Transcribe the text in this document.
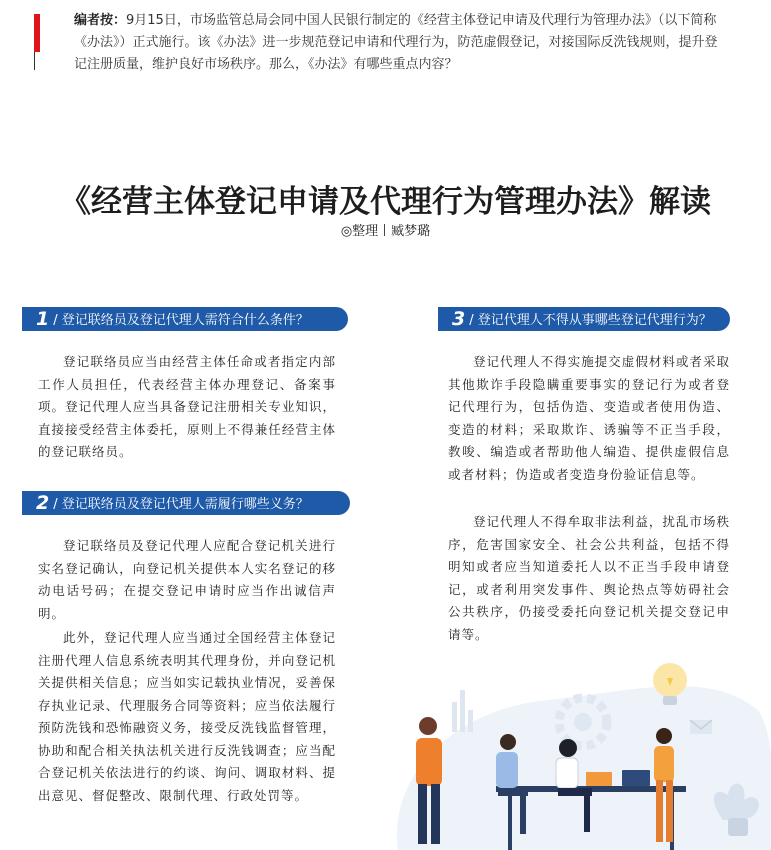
编者按：9月15日，市场监管总局会同中国人民银行制定的《经营主体登记申请及代理行为管理办法》（以下简称《办法》）正式施行。该《办法》进一步规范登记申请和代理行为，防范虚假登记，对接国际反洗钱规则，提升登记注册质量，维护良好市场秩序。那么，《办法》有哪些重点内容？

《经营主体登记申请及代理行为管理办法》解读
◎整理 臧梦璐
1 / 登记联络员及登记代理人需符合什么条件？

登记联络员应当由经营主体任命或者指定内部工作人员担任，代表经营主体办理登记、备案事项。登记代理人应当具备登记注册相关专业知识，直接接受经营主体委托，原则上不得兼任经营主体的登记联络员。

2 / 登记联络员及登记代理人需履行哪些义务？

登记联络员及登记代理人应配合登记机关进行实名登记确认，向登记机关提供本人实名登记的移动电话号码；在提交登记申请时应当作出诚信声明。

此外，登记代理人应当通过全国经营主体登记注册代理人信息系统表明其代理身份，并向登记机关提供相关信息；应当如实记载执业情况，妥善保存执业记录、代理服务合同等资料；应当依法履行预防洗钱和恐怖融资义务，接受反洗钱监督管理，协助和配合相关执法机关进行反洗钱调查；应当配合登记机关依法进行的约谈、询问、调取材料、提出意见、督促整改、限制代理、行政处罚等。

3 / 登记代理人不得从事哪些登记代理行为？

登记代理人不得实施提交虚假材料或者采取其他欺诈手段隐瞒重要事实的登记行为或者登记代理行为，包括伪造、变造或者使用伪造、变造的材料；采取欺诈、诱骗等不正当手段，教唆、编造或者帮助他人编造、提供虚假信息或者材料；伪造或者变造身份验证信息等。

登记代理人不得牟取非法利益，扰乱市场秩序，危害国家安全、社会公共利益，包括不得明知或者应当知道委托人以不正当手段申请登记，或者利用突发事件、舆论热点等妨碍社会公共秩序，仍接受委托向登记机关提交登记申请等。
